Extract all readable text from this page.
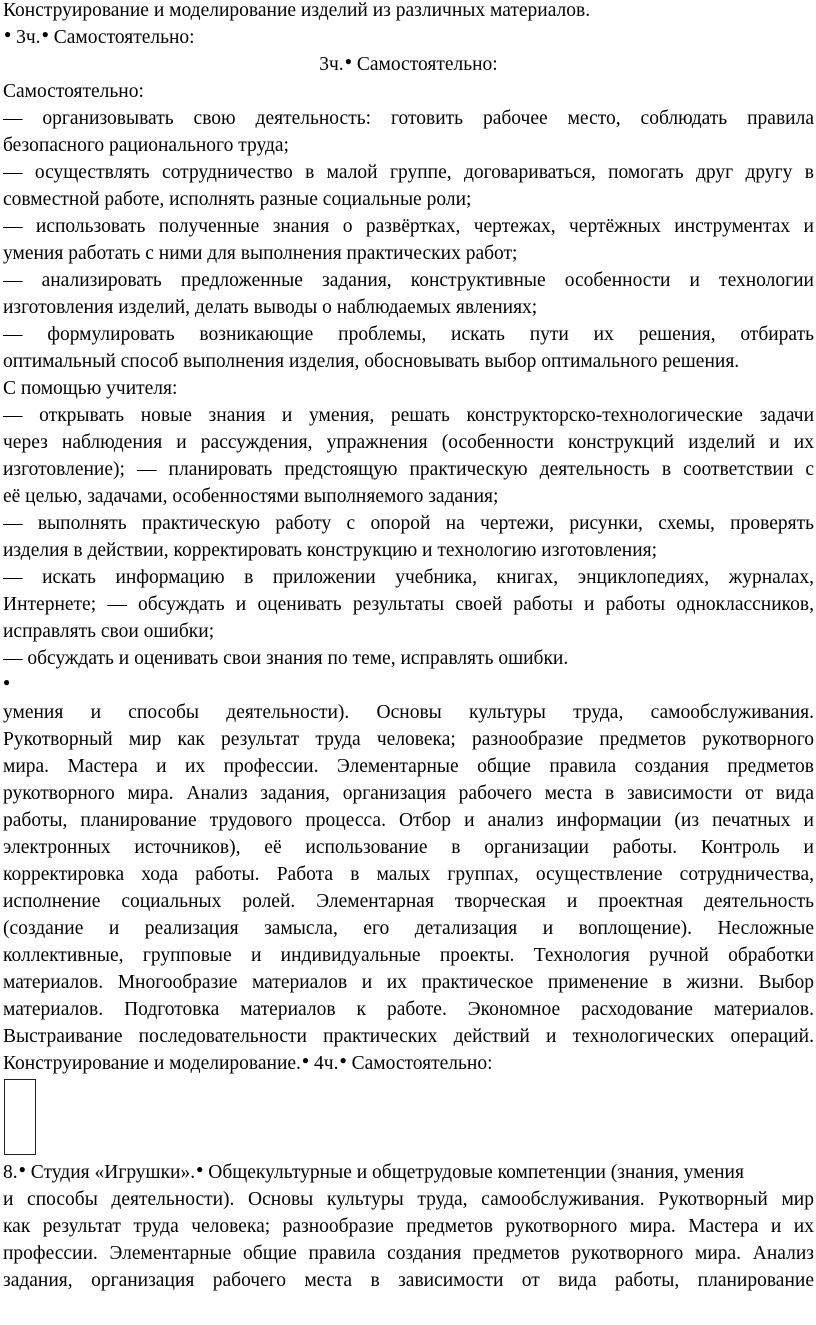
Конструирование и моделирование изделий из различных материалов.
● 3ч.● Самостоятельно:
3ч.● Самостоятельно:
Самостоятельно:
— организовывать свою деятельность: готовить рабочее место, соблюдать правила
безопасного рационального труда;
— осуществлять сотрудничество в малой группе, договариваться, помогать друг другу в
совместной работе, исполнять разные социальные роли;
— использовать полученные знания о развёртках, чертежах, чертёжных инструментах и
умения работать с ними для выполнения практических работ;
— анализировать предложенные задания, конструктивные особенности и технологии
изготовления изделий, делать выводы о наблюдаемых явлениях;
— формулировать возникающие проблемы, искать пути их решения, отбирать
оптимальный способ выполнения изделия, обосновывать выбор оптимального решения.
С помощью учителя:
— открывать новые знания и умения, решать конструкторско-технологические задачи
через наблюдения и рассуждения, упражнения (особенности конструкций изделий и их
изготовление); — планировать предстоящую практическую деятельность в соответствии с
её целью, задачами, особенностями выполняемого задания;
— выполнять практическую работу с опорой на чертежи, рисунки, схемы, проверять
изделия в действии, корректировать конструкцию и технологию изготовления;
— искать информацию в приложении учебника, книгах, энциклопедиях, журналах,
Интернете; — обсуждать и оценивать результаты своей работы и работы одноклассников,
исправлять свои ошибки;
— обсуждать и оценивать свои знания по теме, исправлять ошибки.
●
умения и способы деятельности). Основы культуры труда, самообслуживания.
Рукотворный мир как результат труда человека; разнообразие предметов рукотворного
мира. Мастера и их профессии. Элементарные общие правила создания предметов
рукотворного мира. Анализ задания, организация рабочего места в зависимости от вида
работы, планирование трудового процесса. Отбор и анализ информации (из печатных и
электронных источников), её использование в организации работы. Контроль и
корректировка хода работы. Работа в малых группах, осуществление сотрудничества,
исполнение социальных ролей. Элементарная творческая и проектная деятельность
(создание и реализация замысла, его детализация и воплощение). Несложные
коллективные, групповые и индивидуальные проекты. Технология ручной обработки
материалов. Многообразие материалов и их практическое применение в жизни. Выбор
материалов. Подготовка материалов к работе. Экономное расходование материалов.
Выстраивание последовательности практических действий и технологических операций.
Конструирование и моделирование.● 4ч.● Самостоятельно:
8.● Студия «Игрушки».● Общекультурные и общетрудовые компетенции (знания, умения
и способы деятельности). Основы культуры труда, самообслуживания. Рукотворный мир
как результат труда человека; разнообразие предметов рукотворного мира. Мастера и их
профессии. Элементарные общие правила создания предметов рукотворного мира. Анализ
задания, организация рабочего места в зависимости от вида работы, планирование
